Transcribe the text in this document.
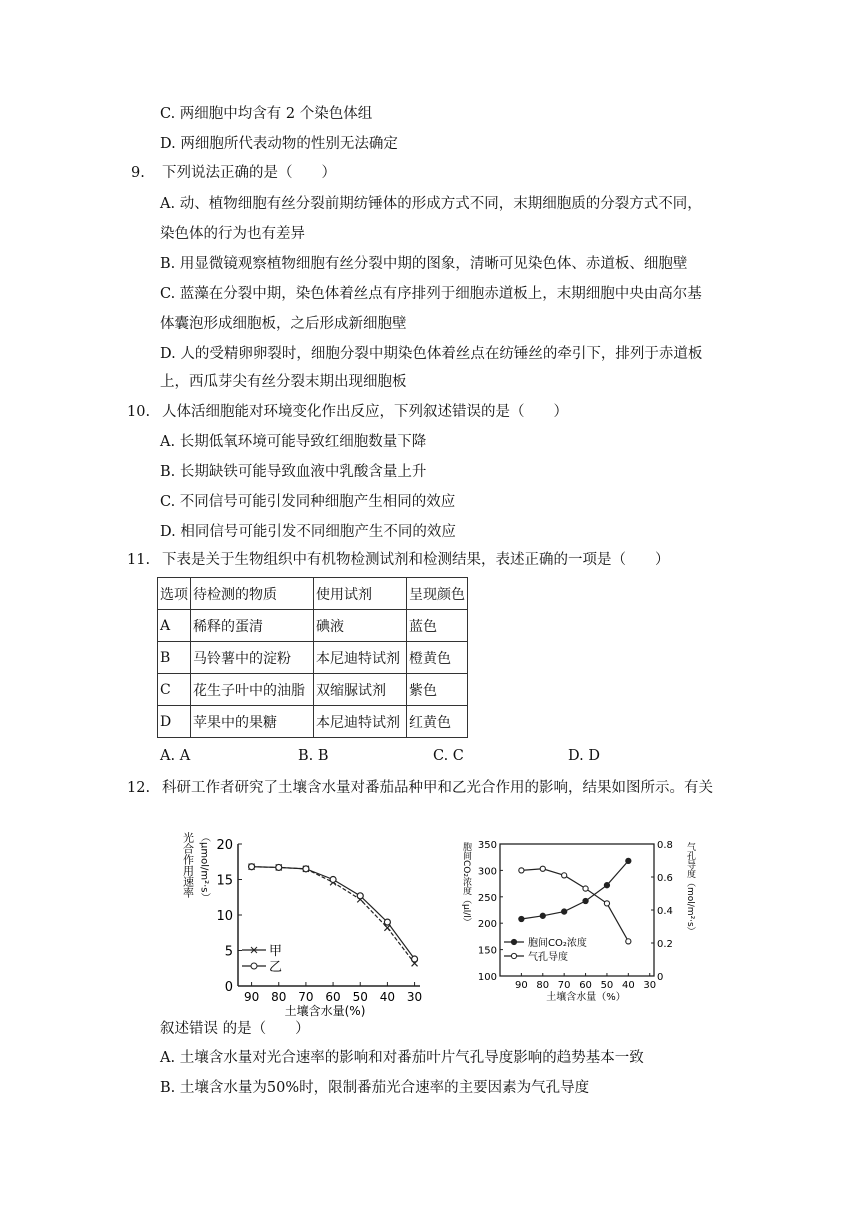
C. 两细胞中均含有 2 个染色体组
D. 两细胞所代表动物的性别无法确定
9. 下列说法正确的是（　　）
A. 动、植物细胞有丝分裂前期纺锤体的形成方式不同，末期细胞质的分裂方式不同，
染色体的行为也有差异
B. 用显微镜观察植物细胞有丝分裂中期的图象，清晰可见染色体、赤道板、细胞壁
C. 蓝藻在分裂中期，染色体着丝点有序排列于细胞赤道板上，末期细胞中央由高尔基
体囊泡形成细胞板，之后形成新细胞壁
D. 人的受精卵卵裂时，细胞分裂中期染色体着丝点在纺锤丝的牵引下，排列于赤道板
上，西瓜芽尖有丝分裂末期出现细胞板
10. 人体活细胞能对环境变化作出反应，下列叙述错误的是（　　）
A. 长期低氧环境可能导致红细胞数量下降
B. 长期缺铁可能导致血液中乳酸含量上升
C. 不同信号可能引发同种细胞产生相同的效应
D. 相同信号可能引发不同细胞产生不同的效应
11. 下表是关于生物组织中有机物检测试剂和检测结果，表述正确的一项是（　　）
选项	待检测的物质	使用试剂	呈现颜色
A	稀释的蛋清	碘液	蓝色
B	马铃薯中的淀粉	本尼迪特试剂	橙黄色
C	花生子叶中的油脂	双缩脲试剂	紫色
D	苹果中的果糖	本尼迪特试剂	红黄色
A. A	B. B	C. C	D. D
12. 科研工作者研究了土壤含水量对番茄品种甲和乙光合作用的影响，结果如图所示。有关
光合作用速率 （μmol/m²·s）
0
5
10
15
20
90 80 70 60 50 40 30
甲
乙
土壤含水量(%)
胞间CO₂浓度（μl/l）	气孔导度（mol/m²·s）
100
150
200
250
300
350
0
0.2
0.4
0.6
0.8
90 80 70 60 50 40 30
胞间CO₂浓度
气孔导度
土壤含水量（%）
叙述错误 的是（　　）
A. 土壤含水量对光合速率的影响和对番茄叶片气孔导度影响的趋势基本一致
B. 土壤含水量为50%时，限制番茄光合速率的主要因素为气孔导度
